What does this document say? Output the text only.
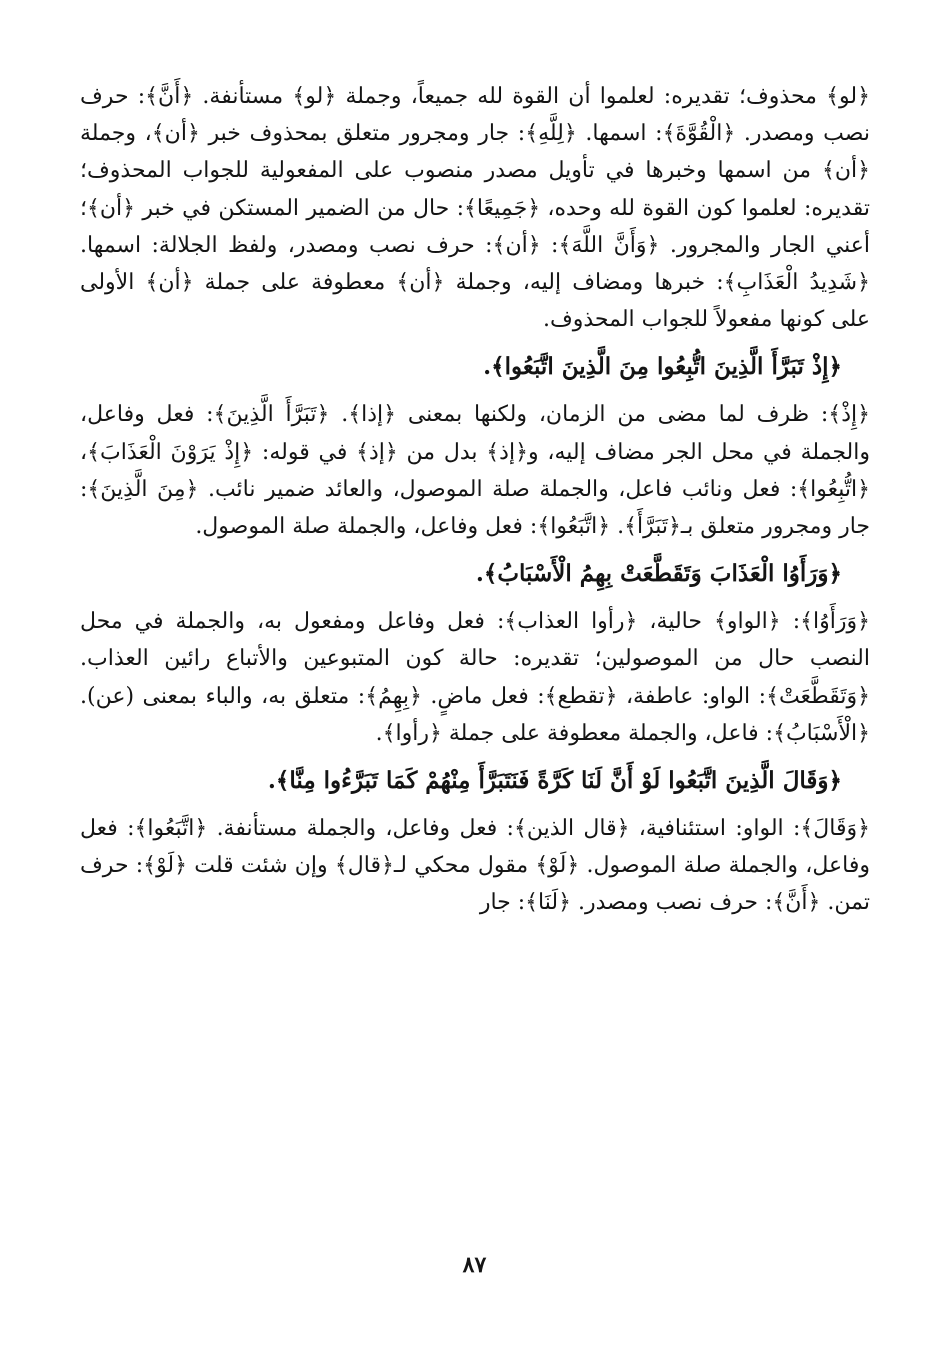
﴿لو﴾ محذوف؛ تقديره: لعلموا أن القوة لله جميعاً، وجملة ﴿لو﴾ مستأنفة. ﴿أَنَّ﴾: حرف نصب ومصدر. ﴿الْقُوَّةَ﴾: اسمها. ﴿لِلَّهِ﴾: جار ومجرور متعلق بمحذوف خبر ﴿أن﴾، وجملة ﴿أن﴾ من اسمها وخبرها في تأويل مصدر منصوب على المفعولية للجواب المحذوف؛ تقديره: لعلموا كون القوة لله وحده، ﴿جَمِيعًا﴾: حال من الضمير المستكن في خبر ﴿أن﴾؛ أعني الجار والمجرور. ﴿وَأَنَّ اللَّهَ﴾: ﴿أن﴾: حرف نصب ومصدر، ولفظ الجلالة: اسمها. ﴿شَدِيدُ الْعَذَابِ﴾: خبرها ومضاف إليه، وجملة ﴿أن﴾ معطوفة على جملة ﴿أن﴾ الأولى على كونها مفعولاً للجواب المحذوف.

﴿إِذْ تَبَرَّأَ الَّذِينَ اتُّبِعُوا مِنَ الَّذِينَ اتَّبَعُوا﴾.

﴿إِذْ﴾: ظرف لما مضى من الزمان، ولكنها بمعنى ﴿إذا﴾. ﴿تَبَرَّأَ الَّذِينَ﴾: فعل وفاعل، والجملة في محل الجر مضاف إليه، و﴿إذ﴾ بدل من ﴿إذ﴾ في قوله: ﴿إِذْ يَرَوْنَ الْعَذَابَ﴾، ﴿اتُّبِعُوا﴾: فعل ونائب فاعل، والجملة صلة الموصول، والعائد ضمير نائب. ﴿مِنَ الَّذِينَ﴾: جار ومجرور متعلق بـ﴿تَبَرَّأَ﴾. ﴿اتَّبَعُوا﴾: فعل وفاعل، والجملة صلة الموصول.

﴿وَرَأَوُا الْعَذَابَ وَتَقَطَّعَتْ بِهِمُ الْأَسْبَابُ﴾.

﴿وَرَأَوُا﴾: ﴿الواو﴾ حالية، ﴿رأوا العذاب﴾: فعل وفاعل ومفعول به، والجملة في محل النصب حال من الموصولين؛ تقديره: حالة كون المتبوعين والأتباع رائين العذاب. ﴿وَتَقَطَّعَتْ﴾: الواو: عاطفة، ﴿تقطع﴾: فعل ماضٍ. ﴿بِهِمُ﴾: متعلق به، والباء بمعنى (عن). ﴿الْأَسْبَابُ﴾: فاعل، والجملة معطوفة على جملة ﴿رأوا﴾.

﴿وَقَالَ الَّذِينَ اتَّبَعُوا لَوْ أَنَّ لَنَا كَرَّةً فَنَتَبَرَّأَ مِنْهُمْ كَمَا تَبَرَّءُوا مِنَّا﴾.

﴿وَقَالَ﴾: الواو: استئنافية، ﴿قال الذين﴾: فعل وفاعل، والجملة مستأنفة. ﴿اتَّبَعُوا﴾: فعل وفاعل، والجملة صلة الموصول. ﴿لَوْ﴾ مقول محكي لـ﴿قال﴾ وإن شئت قلت ﴿لَوْ﴾: حرف تمن. ﴿أَنَّ﴾: حرف نصب ومصدر. ﴿لَنَا﴾: جار

٨٧
